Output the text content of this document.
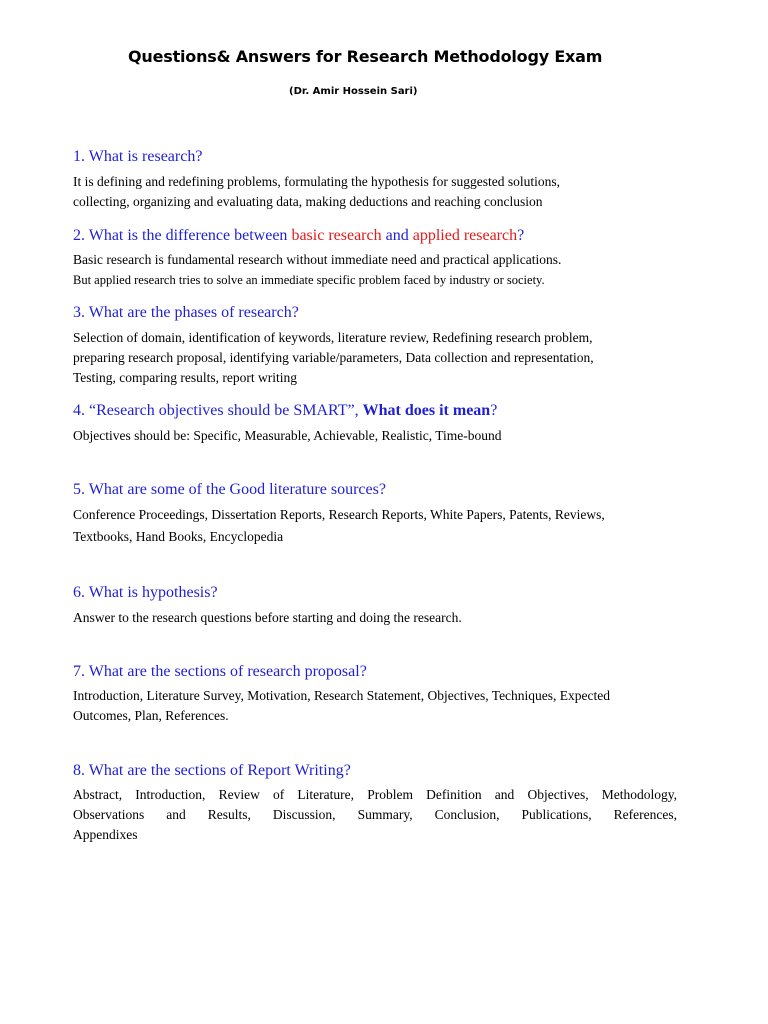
Questions& Answers for Research Methodology Exam
(Dr. Amir Hossein Sari)
1. What is research?
It is defining and redefining problems, formulating the hypothesis for suggested solutions,
collecting, organizing and evaluating data, making deductions and reaching conclusion
2. What is the difference between basic research and applied research?
Basic research is fundamental research without immediate need and practical applications.
But applied research tries to solve an immediate specific problem faced by industry or society.
3. What are the phases of research?
Selection of domain, identification of keywords, literature review, Redefining research problem,
preparing research proposal, identifying variable/parameters, Data collection and representation,
Testing, comparing results, report writing
4. “Research objectives should be SMART”, What does it mean?
Objectives should be: Specific, Measurable, Achievable, Realistic, Time-bound
5. What are some of the Good literature sources?
Conference Proceedings, Dissertation Reports, Research Reports, White Papers, Patents, Reviews,
Textbooks, Hand Books, Encyclopedia
6. What is hypothesis?
Answer to the research questions before starting and doing the research.
7. What are the sections of research proposal?
Introduction, Literature Survey, Motivation, Research Statement, Objectives, Techniques, Expected
Outcomes, Plan, References.
8. What are the sections of Report Writing?
Abstract, Introduction, Review of Literature, Problem Definition and Objectives, Methodology,
Observations and Results, Discussion, Summary, Conclusion, Publications, References,
Appendixes
